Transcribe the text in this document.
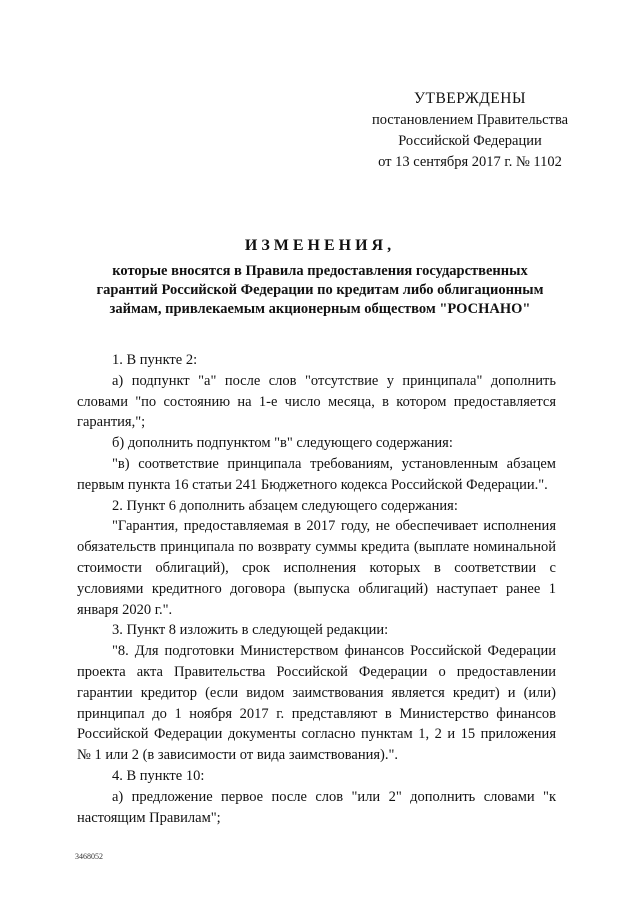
УТВЕРЖДЕНЫ
постановлением Правительства
Российской Федерации
от 13 сентября 2017 г. № 1102
ИЗМЕНЕНИЯ,
которые вносятся в Правила предоставления государственных
гарантий Российской Федерации по кредитам либо облигационным
займам, привлекаемым акционерным обществом "РОСНАНО"

1. В пункте 2:

а) подпункт "а" после слов "отсутствие у принципала" дополнить словами "по состоянию на 1-е число месяца, в котором предоставляется гарантия,";

б) дополнить подпунктом "в" следующего содержания:

"в) соответствие принципала требованиям, установленным абзацем первым пункта 16 статьи 241 Бюджетного кодекса Российской Федерации.".

2. Пункт 6 дополнить абзацем следующего содержания:

"Гарантия, предоставляемая в 2017 году, не обеспечивает исполнения обязательств принципала по возврату суммы кредита (выплате номинальной стоимости облигаций), срок исполнения которых в соответствии с условиями кредитного договора (выпуска облигаций) наступает ранее 1 января 2020 г.".

3. Пункт 8 изложить в следующей редакции:

"8. Для подготовки Министерством финансов Российской Федерации проекта акта Правительства Российской Федерации о предоставлении гарантии кредитор (если видом заимствования является кредит) и (или) принципал до 1 ноября 2017 г. представляют в Министерство финансов Российской Федерации документы согласно пунктам 1, 2 и 15 приложения № 1 или 2 (в зависимости от вида заимствования).".

4. В пункте 10:

а) предложение первое после слов "или 2" дополнить словами "к настоящим Правилам";

3468052
